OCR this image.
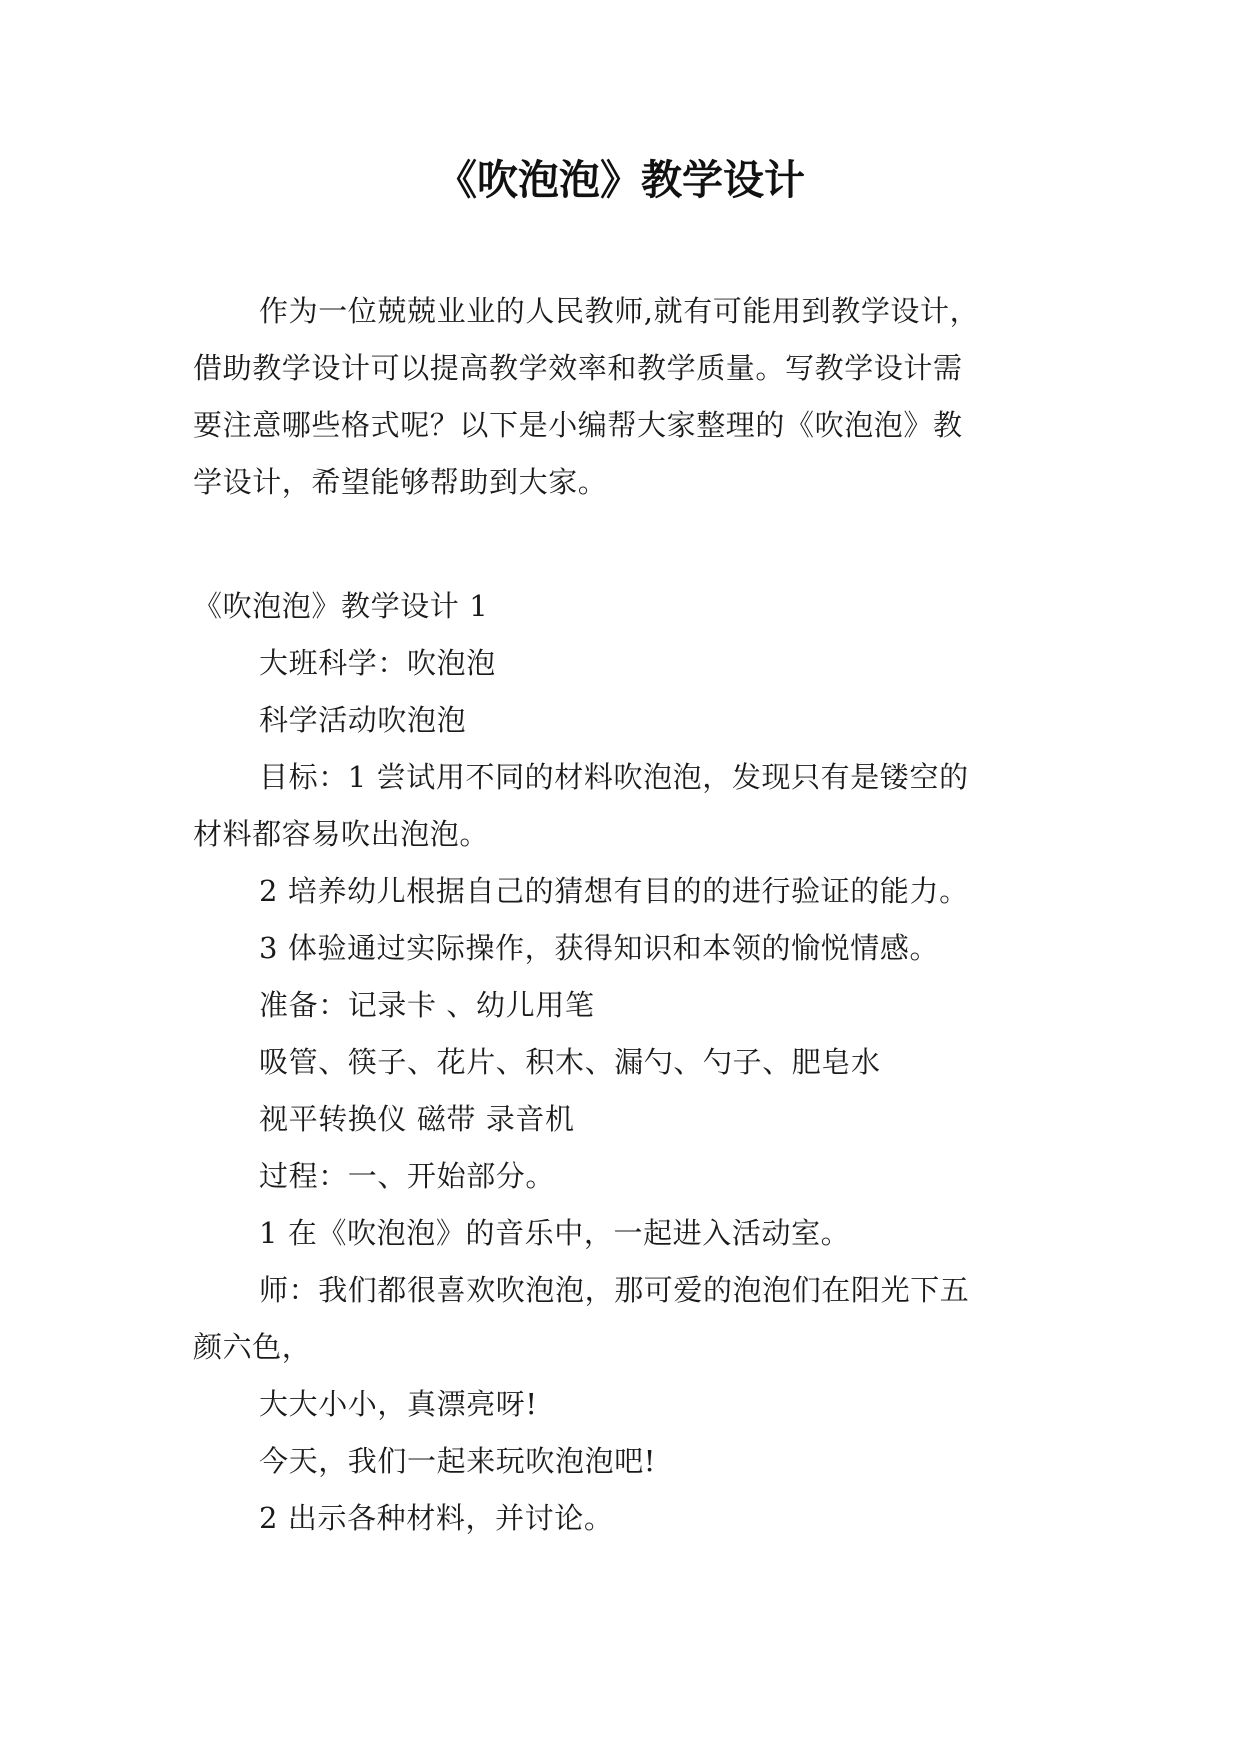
《吹泡泡》教学设计

作为一位兢兢业业的人民教师,就有可能用到教学设计，

借助教学设计可以提高教学效率和教学质量。写教学设计需

要注意哪些格式呢？以下是小编帮大家整理的《吹泡泡》教

学设计，希望能够帮助到大家。

《吹泡泡》教学设计 1

大班科学：吹泡泡

科学活动吹泡泡

目标：1 尝试用不同的材料吹泡泡，发现只有是镂空的

材料都容易吹出泡泡。

2 培养幼儿根据自己的猜想有目的的进行验证的能力。

3 体验通过实际操作，获得知识和本领的愉悦情感。

准备：记录卡 、幼儿用笔

吸管、筷子、花片、积木、漏勺、勺子、肥皂水

视平转换仪 磁带 录音机

过程：一、开始部分。

1 在《吹泡泡》的音乐中，一起进入活动室。

师：我们都很喜欢吹泡泡，那可爱的泡泡们在阳光下五

颜六色，

大大小小，真漂亮呀!

今天，我们一起来玩吹泡泡吧!

2 出示各种材料，并讨论。
